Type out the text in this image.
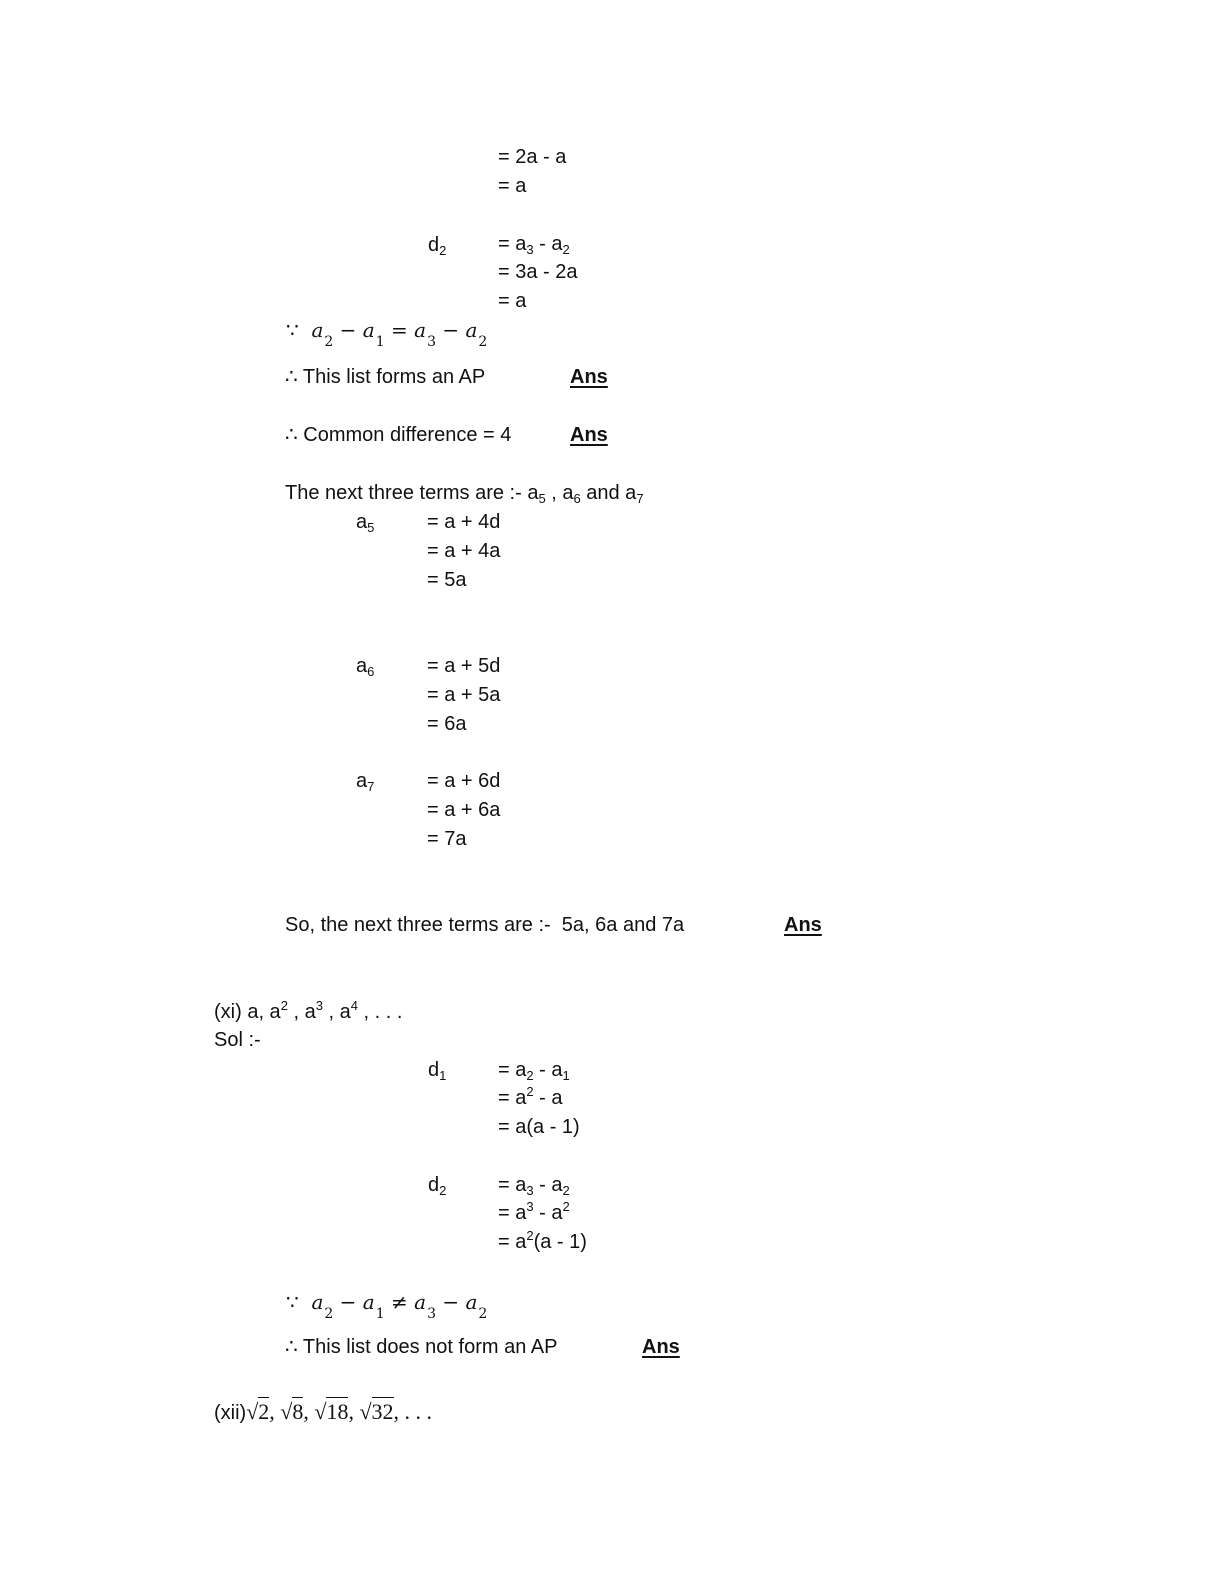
= 2a - a
= a
$d_2$	= $a_3 - a_2$
= 3a - 2a
= a
∵ $a_2 - a_1 = a_3 - a_2$
∴ This list forms an AP	Ans
∴ Common difference = 4	Ans
The next three terms are :- $a_5$ , $a_6$ and $a_7$
$a_5$	= a + 4d
= a + 4a
= 5a
$a_6$	= a + 5d
= a + 5a
= 6a
$a_7$	= a + 6d
= a + 6a
= 7a
So, the next three terms are :-  5a, 6a and 7a	Ans
(xi) a, $a^2$ , $a^3$ , $a^4$ , . . .
Sol :-
$d_1$	= $a_2 - a_1$
= $a^2$ - a
= a(a - 1)
$d_2$	= $a_3 - a_2$
= $a^3 - a^2$
= $a^2(a - 1)$
∵ $a_2 - a_1 \ne a_3 - a_2$
∴ This list does not form an AP	Ans
(xii)√2, √8, √18, √32, . . .
